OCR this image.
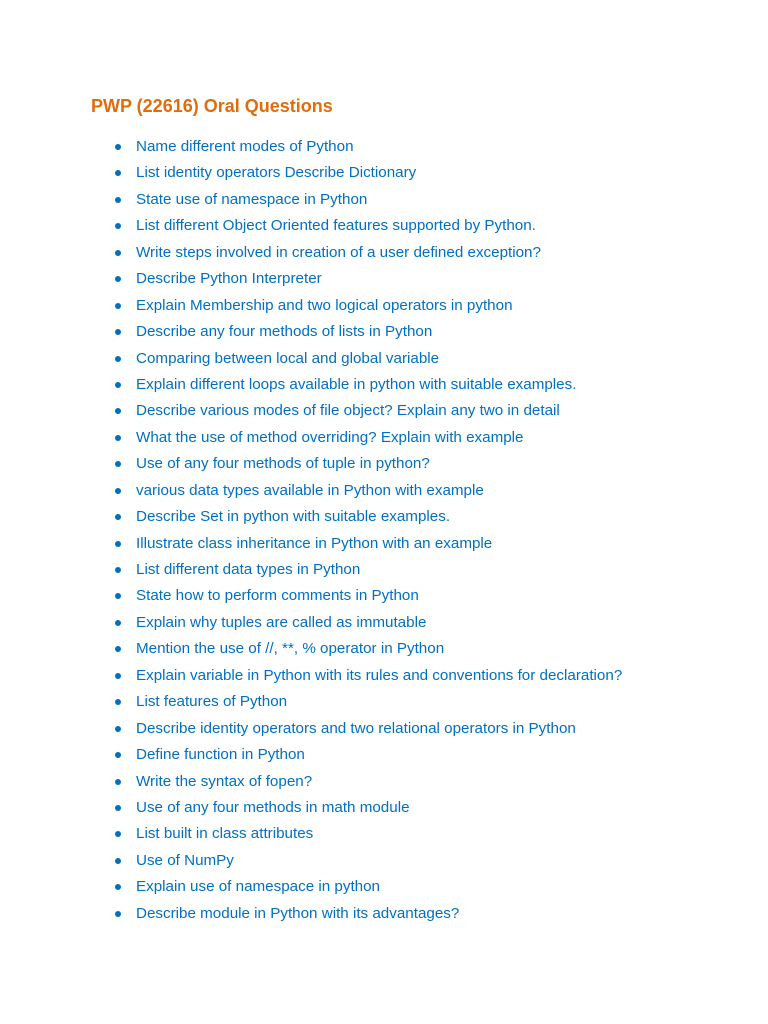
PWP (22616) Oral Questions
Name different modes of Python
List identity operators Describe Dictionary
State use of namespace in Python
List different Object Oriented features supported by Python.
Write steps involved in creation of a user defined exception?
Describe Python Interpreter
Explain Membership and two logical operators in python
Describe any four methods of lists in Python
Comparing between local and global variable
Explain different loops available in python with suitable examples.
Describe various modes of file object? Explain any two in detail
What the use of method overriding? Explain with example
Use of any four methods of tuple in python?
various data types available in Python with example
Describe Set in python with suitable examples.
Illustrate class inheritance in Python with an example
List different data types in Python
State how to perform comments in Python
Explain why tuples are called as immutable
Mention the use of //, **, % operator in Python
Explain variable in Python with its rules and conventions for declaration?
List features of Python
Describe identity operators and two relational operators in Python
Define function in Python
Write the syntax of fopen?
Use of any four methods in math module
List built in class attributes
Use of NumPy
Explain use of namespace in python
Describe module in Python with its advantages?
